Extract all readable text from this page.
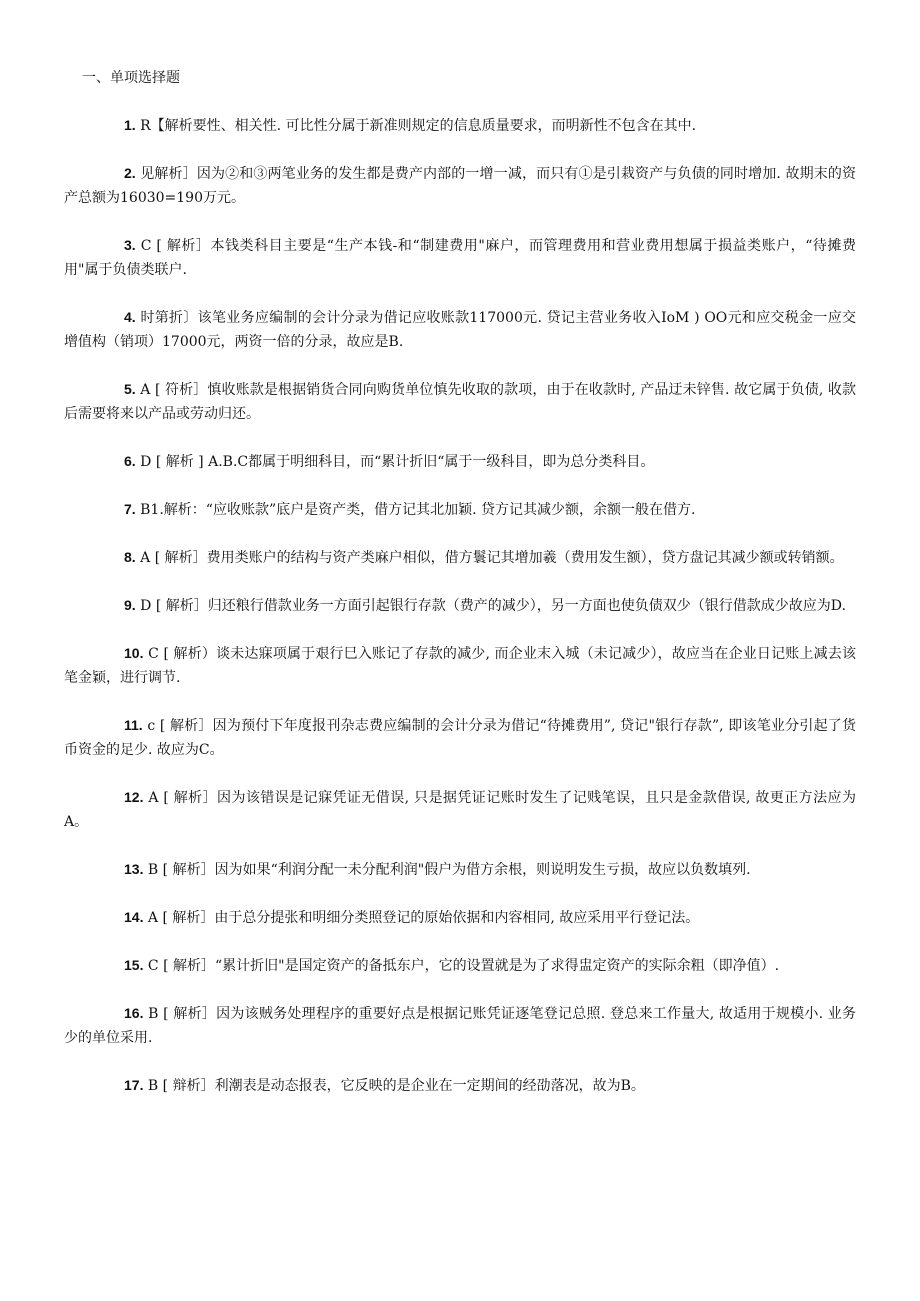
一、单项选择题
1. R【解析要性、相关性. 可比性分属于新准则规定的信息质量要求，而明新性不包含在其中.
2. 见解析］因为②和③两笔业务的发生都是费产内部的一增一减，而只有①是引栽资产与负债的同时增加. 故期末的资产总额为16030=190万元。
3. C [ 解析］本钱类科目主要是“生产本钱-和“制建费用"麻户，而管理费用和营业费用想属于损益类账户，“待摊费用"属于负债类联户.
4. 时第折〕该笔业务应编制的会计分录为借记应收账款117000元. 贷记主营业务收入IoM ) OO元和应交税金一应交增值构（销项）17000元，两资一倍的分录，故应是B.
5. A [ 符析］慎收账款是根据销货合同向购货单位慎先收取的款项，由于在收款时, 产品迂未锌售. 故它属于负债, 收款后需要将来以产品或劳动归还。
6. D [ 解析 ] A.B.C都属于明细科目，而“累计折旧“属于一级科目，即为总分类科目。
7. B1.解析：“应收账款”底户是资产类，借方记其北加颖. 贷方记其减少额，余额一般在借方.
8. A [ 解析］费用类账户的结构与资产类麻户相似，借方鬟记其增加羲（费用发生额），贷方盘记其减少额或转销额。
9. D [ 解析］归还粮行借款业务一方面引起银行存款（费产的减少），另一方面也使负债双少（银行借款成少故应为D.
10. C [ 解析）谈未达寐项属于艰行巳入账记了存款的减少, 而企业末入城（未记减少），故应当在企业日记账上减去该笔金颖，进行调节.
11. c [ 解析］因为预付下年度报刊杂志费应编制的会计分录为借记“待摊费用”, 贷记"银行存款”, 即该笔业分引起了货币资金的足少. 故应为C。
12. A [ 解析］因为该错误是记寐凭证无借误, 只是据凭证记账时发生了记贱笔误，且只是金款借误, 故更正方法应为A。
13. B [ 解析］因为如果“利润分配一未分配利润"假户为借方余根，则说明发生亏损，故应以负数填列.
14. A [ 解析］由于总分提张和明细分类照登记的原始依据和内容相同, 故应采用平行登记法。
15. C [ 解析］“累计折旧"是国定资产的备抵东户，它的设置就是为了求得盅定资产的实际余粗（即净值）.
16. B [ 解析］因为该贼务处理程序的重要好点是根据记账凭证逐笔登记总照. 登总来工作量大, 故适用于规模小. 业务少的单位采用.
17. B [ 辩析］利潮表是动态报表，它反映的是企业在一定期间的经劭落况，故为B。
